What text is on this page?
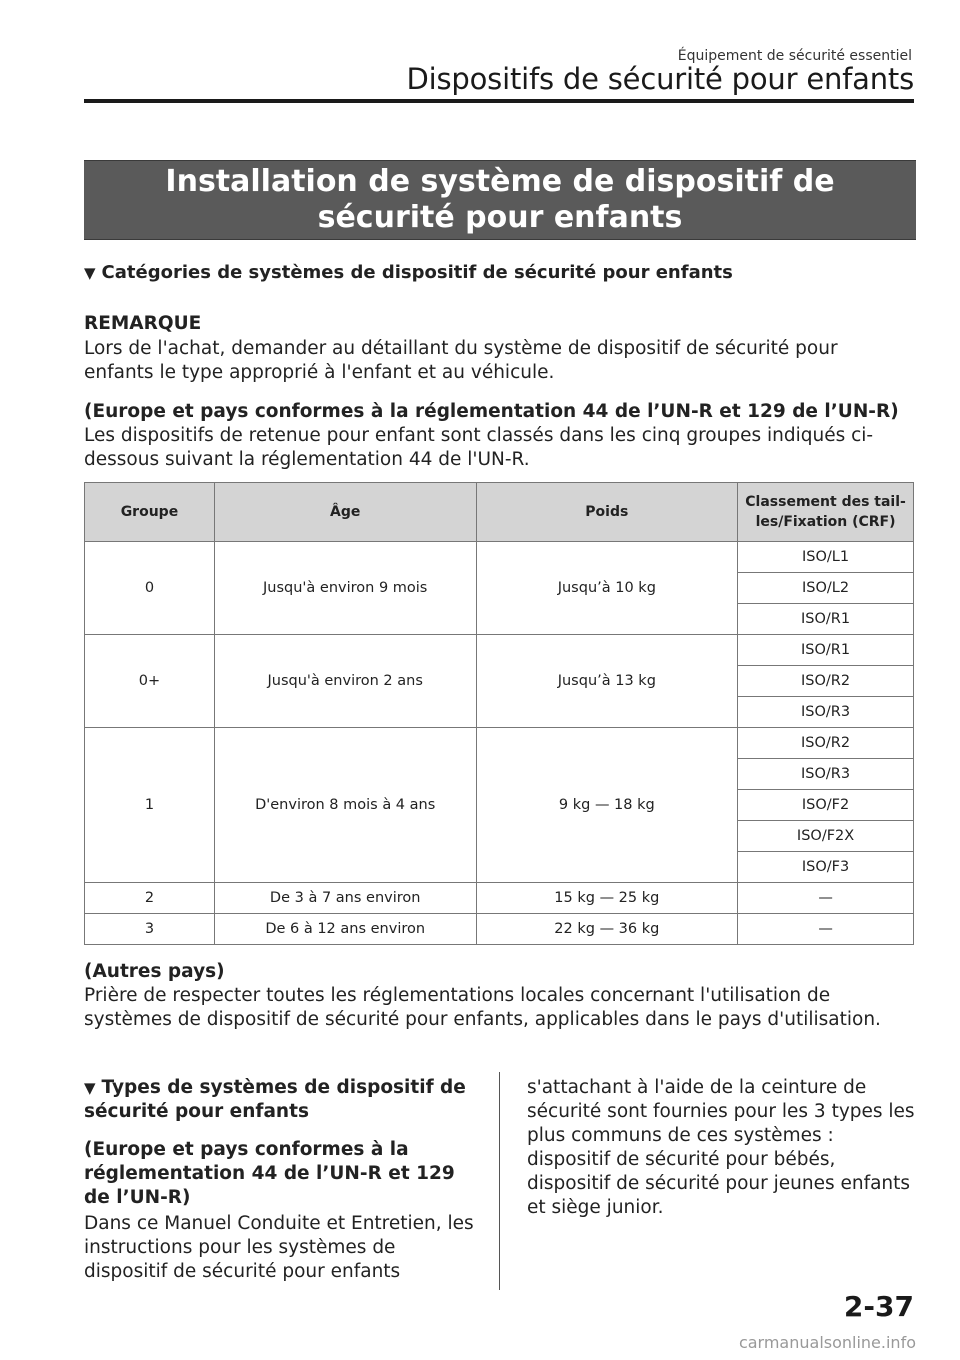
Équipement de sécurité essentiel
Dispositifs de sécurité pour enfants
Installation de système de dispositif de sécurité pour enfants
▼ Catégories de systèmes de dispositif de sécurité pour enfants
REMARQUE
Lors de l'achat, demander au détaillant du système de dispositif de sécurité pour enfants le type approprié à l'enfant et au véhicule.
(Europe et pays conformes à la réglementation 44 de l’UN-R et 129 de l’UN-R)
Les dispositifs de retenue pour enfant sont classés dans les cinq groupes indiqués ci-dessous suivant la réglementation 44 de l'UN-R.
Groupe	Âge	Poids	Classement des tail-les/Fixation (CRF)
0	Jusqu'à environ 9 mois	Jusqu’à 10 kg	ISO/L1
			ISO/L2
			ISO/R1
0+	Jusqu'à environ 2 ans	Jusqu’à 13 kg	ISO/R1
			ISO/R2
			ISO/R3
1	D'environ 8 mois à 4 ans	9 kg — 18 kg	ISO/R2
			ISO/R3
			ISO/F2
			ISO/F2X
			ISO/F3
2	De 3 à 7 ans environ	15 kg — 25 kg	—
3	De 6 à 12 ans environ	22 kg — 36 kg	—
(Autres pays)
Prière de respecter toutes les réglementations locales concernant l'utilisation de systèmes de dispositif de sécurité pour enfants, applicables dans le pays d'utilisation.
▼ Types de systèmes de dispositif de sécurité pour enfants
(Europe et pays conformes à la réglementation 44 de l’UN-R et 129 de l’UN-R)
Dans ce Manuel Conduite et Entretien, les instructions pour les systèmes de dispositif de sécurité pour enfants
s'attachant à l'aide de la ceinture de sécurité sont fournies pour les 3 types les plus communs de ces systèmes : dispositif de sécurité pour bébés, dispositif de sécurité pour jeunes enfants et siège junior.
2-37
carmanualsonline.info
